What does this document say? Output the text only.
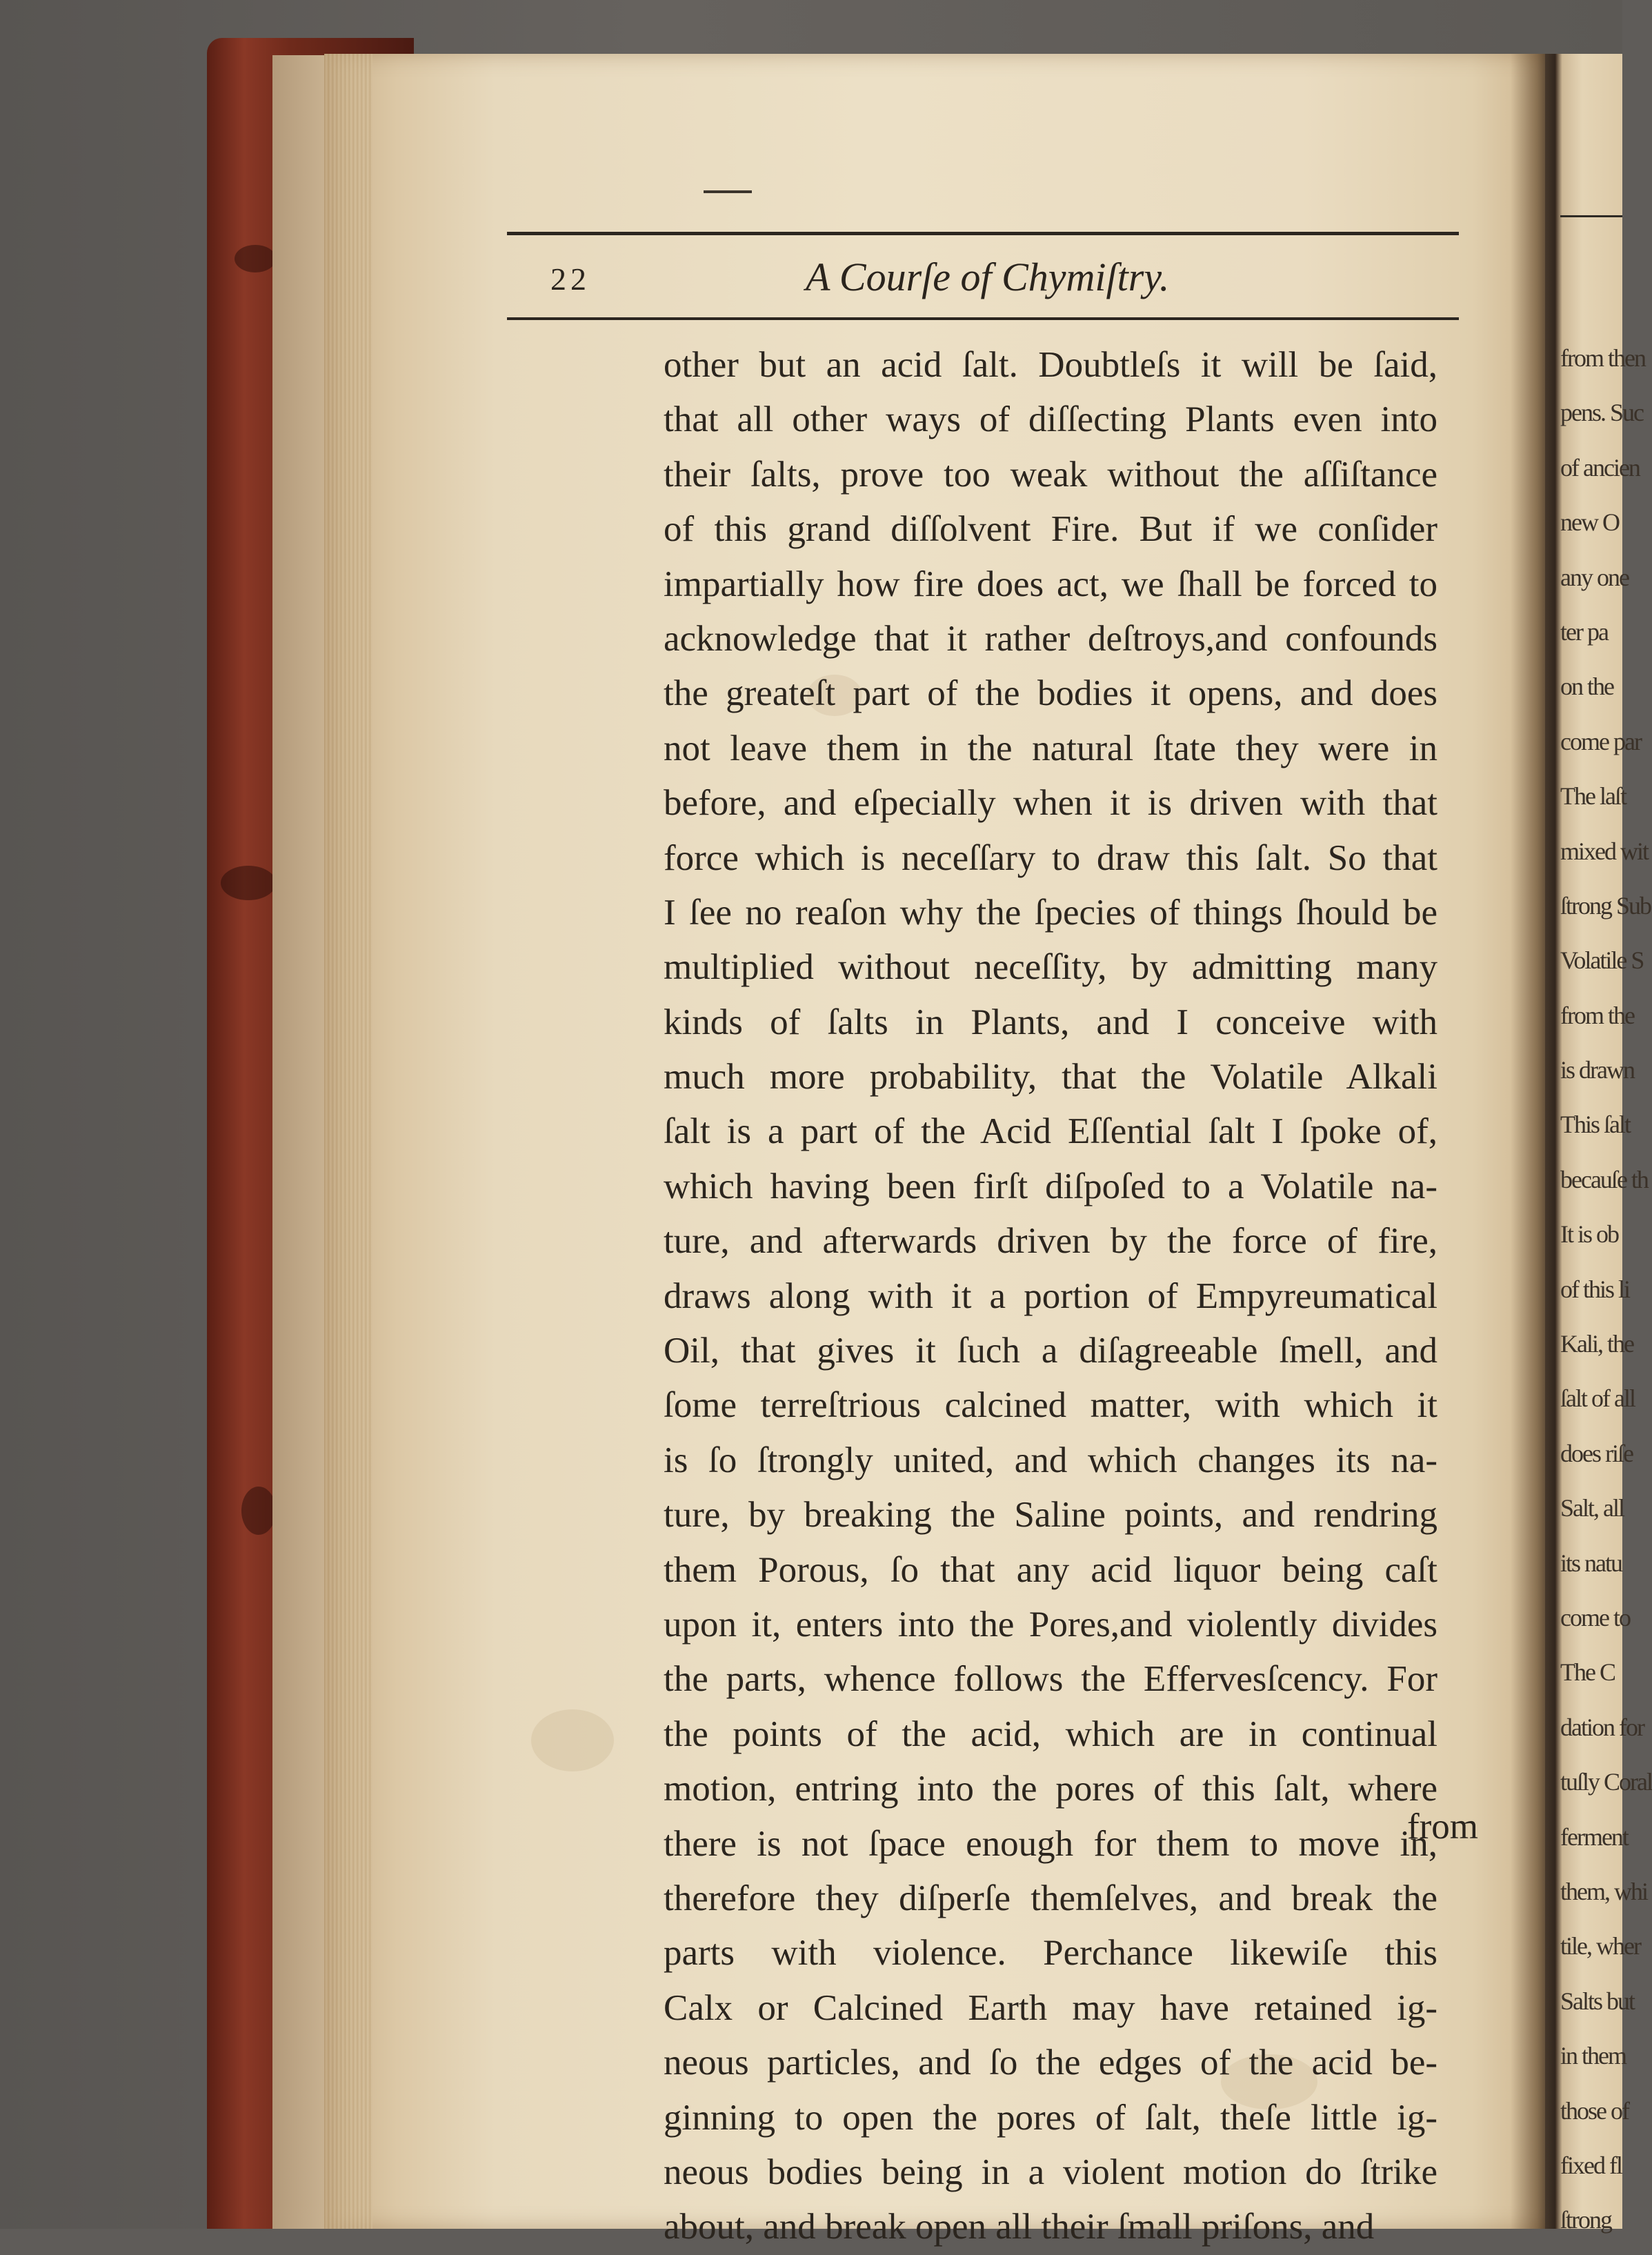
from then
pens. Suc
of ancien
new O
any one
ter pa
on the
come par
The laſt
mixed wit
ſtrong Sub
Volatile S
from the
is drawn
This ſalt
becauſe th
It is ob
of this li
Kali, the
ſalt of all
does riſe
Salt, all
its natu
come to
The C
dation for
tuſly Coral
ferment
them, whi
tile, wher
Salts but
in them
those of
fixed fl
ſtrong
22	A Courſe of Chymiſtry.
other but an acid ſalt. Doubtleſs it will be ſaid,
that all other ways of diſſecting Plants even into
their ſalts, prove too weak without the aſſiſtance
of this grand diſſolvent Fire. But if we conſider
impartially how fire does act, we ſhall be forced to
acknowledge that it rather deſtroys,and confounds
the greateſt part of the bodies it opens, and does
not leave them in the natural ſtate they were in
before, and eſpecially when it is driven with that
force which is neceſſary to draw this ſalt. So that
I ſee no reaſon why the ſpecies of things ſhould be
multiplied without neceſſity, by admitting many
kinds of ſalts in Plants, and I conceive with
much more probability, that the Volatile Alkali
ſalt is a part of the Acid Eſſential ſalt I ſpoke of,
which having been firſt diſpoſed to a Volatile na-
ture, and afterwards driven by the force of fire,
draws along with it a portion of Empyreumatical
Oil, that gives it ſuch a diſagreeable ſmell, and
ſome terreſtrious calcined matter, with which it
is ſo ſtrongly united, and which changes its na-
ture, by breaking the Saline points, and rendring
them Porous, ſo that any acid liquor being caſt
upon it, enters into the Pores,and violently divides
the parts, whence follows the Effervesſcency. For
the points of the acid, which are in continual
motion, entring into the pores of this ſalt, where
there is not ſpace enough for them to move in,
therefore they diſperſe themſelves, and break the
parts with violence. Perchance likewiſe this
Calx or Calcined Earth may have retained ig-
neous particles, and ſo the edges of the acid be-
ginning to open the pores of ſalt, theſe little ig-
neous bodies being in a violent motion do ſtrike
about, and break open all their ſmall priſons, and
from
